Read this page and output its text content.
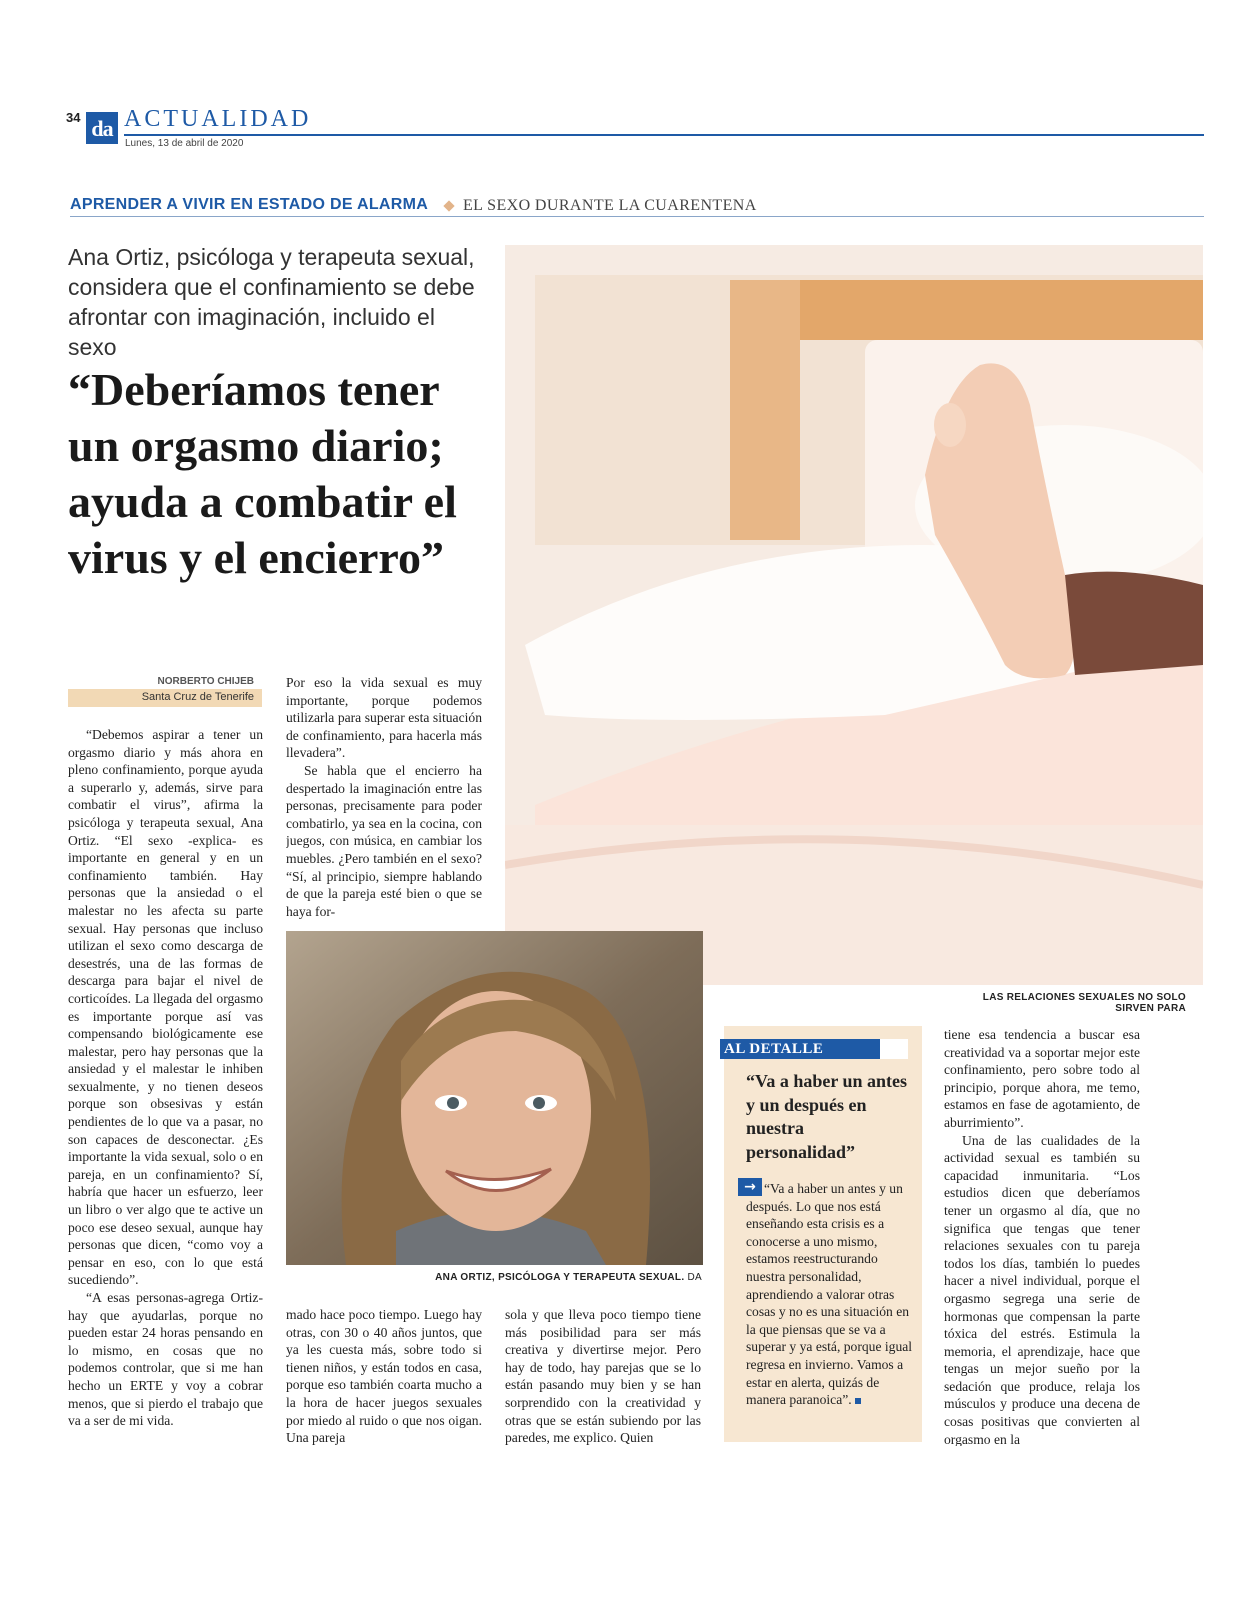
34 da ACTUALIDAD
Lunes, 13 de abril de 2020
APRENDER A VIVIR EN ESTADO DE ALARMA EL SEXO DURANTE LA CUARENTENA
Ana Ortiz, psicóloga y terapeuta sexual, considera que el confinamiento se debe afrontar con imaginación, incluido el sexo
“Deberíamos tener un orgasmo diario; ayuda a combatir el virus y el encierro”
NORBERTO CHIJEB
Santa Cruz de Tenerife

“Debemos aspirar a tener un orgasmo diario y más ahora en pleno confinamiento, porque ayuda a superarlo y, además, sirve para combatir el virus”, afirma la psicóloga y terapeuta sexual, Ana Ortiz. “El sexo -explica- es importante en general y en un confinamiento también. Hay personas que la ansiedad o el malestar no les afecta su parte sexual. Hay personas que incluso utilizan el sexo como descarga de desestrés, una de las formas de descarga para bajar el nivel de corticoídes. La llegada del orgasmo es importante porque así vas compensando biológicamente ese malestar, pero hay personas que la ansiedad y el malestar le inhiben sexualmente, y no tienen deseos porque son obsesivas y están pendientes de lo que va a pasar, no son capaces de desconectar. ¿Es importante la vida sexual, solo o en pareja, en un confinamiento? Sí, habría que hacer un esfuerzo, leer un libro o ver algo que te active un poco ese deseo sexual, aunque hay personas que dicen, “como voy a pensar en eso, con lo que está sucediendo”.

“A esas personas-agrega Ortiz- hay que ayudarlas, porque no pueden estar 24 horas pensando en lo mismo, en cosas que no podemos controlar, que si me han hecho un ERTE y voy a cobrar menos, que si pierdo el trabajo que va a ser de mi vida.

Por eso la vida sexual es muy importante, porque podemos utilizarla para superar esta situación de confinamiento, para hacerla más llevadera”.

Se habla que el encierro ha despertado la imaginación entre las personas, precisamente para poder combatirlo, ya sea en la cocina, con juegos, con música, en cambiar los muebles. ¿Pero también en el sexo? “Sí, al principio, siempre hablando de que la pareja esté bien o que se haya for-

mado hace poco tiempo. Luego hay otras, con 30 o 40 años juntos, que ya les cuesta más, sobre todo si tienen niños, y están todos en casa, porque eso también coarta mucho a la hora de hacer juegos sexuales por miedo al ruido o que nos oigan. Una pareja

sola y que lleva poco tiempo tiene más posibilidad para ser más creativa y divertirse mejor. Pero hay de todo, hay parejas que se lo están pasando muy bien y se han sorprendido con la creatividad y otras que se están subiendo por las paredes, me explico. Quien

tiene esa tendencia a buscar esa creatividad va a soportar mejor este confinamiento, pero sobre todo al principio, porque ahora, me temo, estamos en fase de agotamiento, de aburrimiento”.

Una de las cualidades de la actividad sexual es también su capacidad inmunitaria. “Los estudios dicen que deberíamos tener un orgasmo al día, que no significa que tengas que tener relaciones sexuales con tu pareja todos los días, también lo puedes hacer a nivel individual, porque el orgasmo segrega una serie de hormonas que compensan la parte tóxica del estrés. Estimula la memoria, el aprendizaje, hace que tengas un mejor sueño por la sedación que produce, relaja los músculos y produce una decena de cosas positivas que convierten al orgasmo en la

LAS RELACIONES SEXUALES NO SOLO SIRVEN PARA
ANA ORTIZ, PSICÓLOGA Y TERAPEUTA SEXUAL. DA
AL DETALLE
“Va a haber un antes y un después en nuestra personalidad”
→ “Va a haber un antes y un después. Lo que nos está enseñando esta crisis es a conocerse a uno mismo, estamos reestructurando nuestra personalidad, aprendiendo a valorar otras cosas y no es una situación en la que piensas que se va a superar y ya está, porque igual regresa en invierno. Vamos a estar en alerta, quizás de manera paranoica”.
